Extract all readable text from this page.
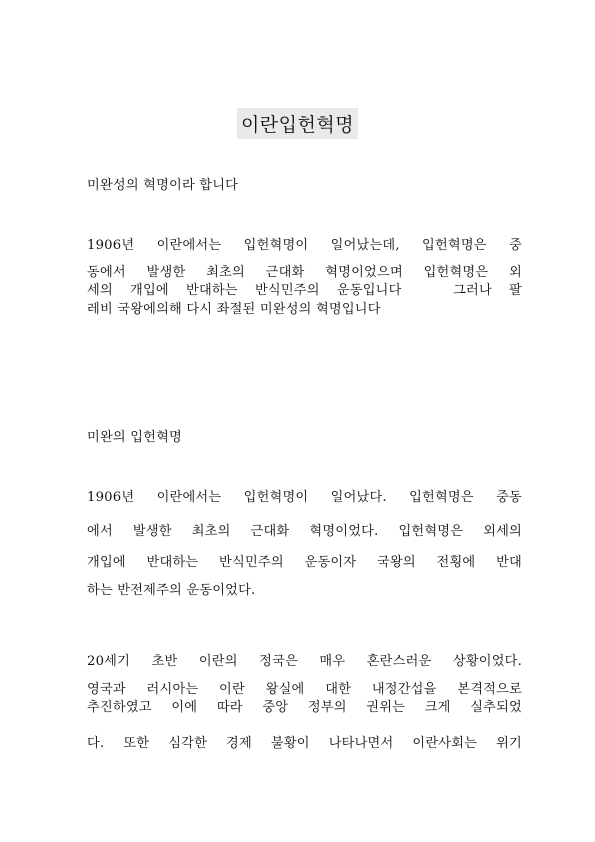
이란입헌혁명
미완성의 혁명이라 합니다
1906년 이란에서는 입헌혁명이 일어났는데, 입헌혁명은 중
동에서 발생한 최초의 근대화 혁명이었으며 입헌혁명은 외
세의 개입에 반대하는 반식민주의 운동입니다   그러나 팔
레비 국왕에의해 다시 좌절된 미완성의 혁명입니다
미완의 입헌혁명
1906년 이란에서는 입헌혁명이 일어났다. 입헌혁명은 중동
에서 발생한 최초의 근대화 혁명이었다. 입헌혁명은 외세의
개입에 반대하는 반식민주의 운동이자 국왕의 전횡에 반대
하는 반전제주의 운동이었다.
20세기 초반 이란의 정국은 매우 혼란스러운 상황이었다.
영국과 러시아는 이란 왕실에 대한 내정간섭을 본격적으로
추진하였고 이에 따라 중앙 정부의 권위는 크게 실추되었
다. 또한 심각한 경제 불황이 나타나면서 이란사회는 위기
